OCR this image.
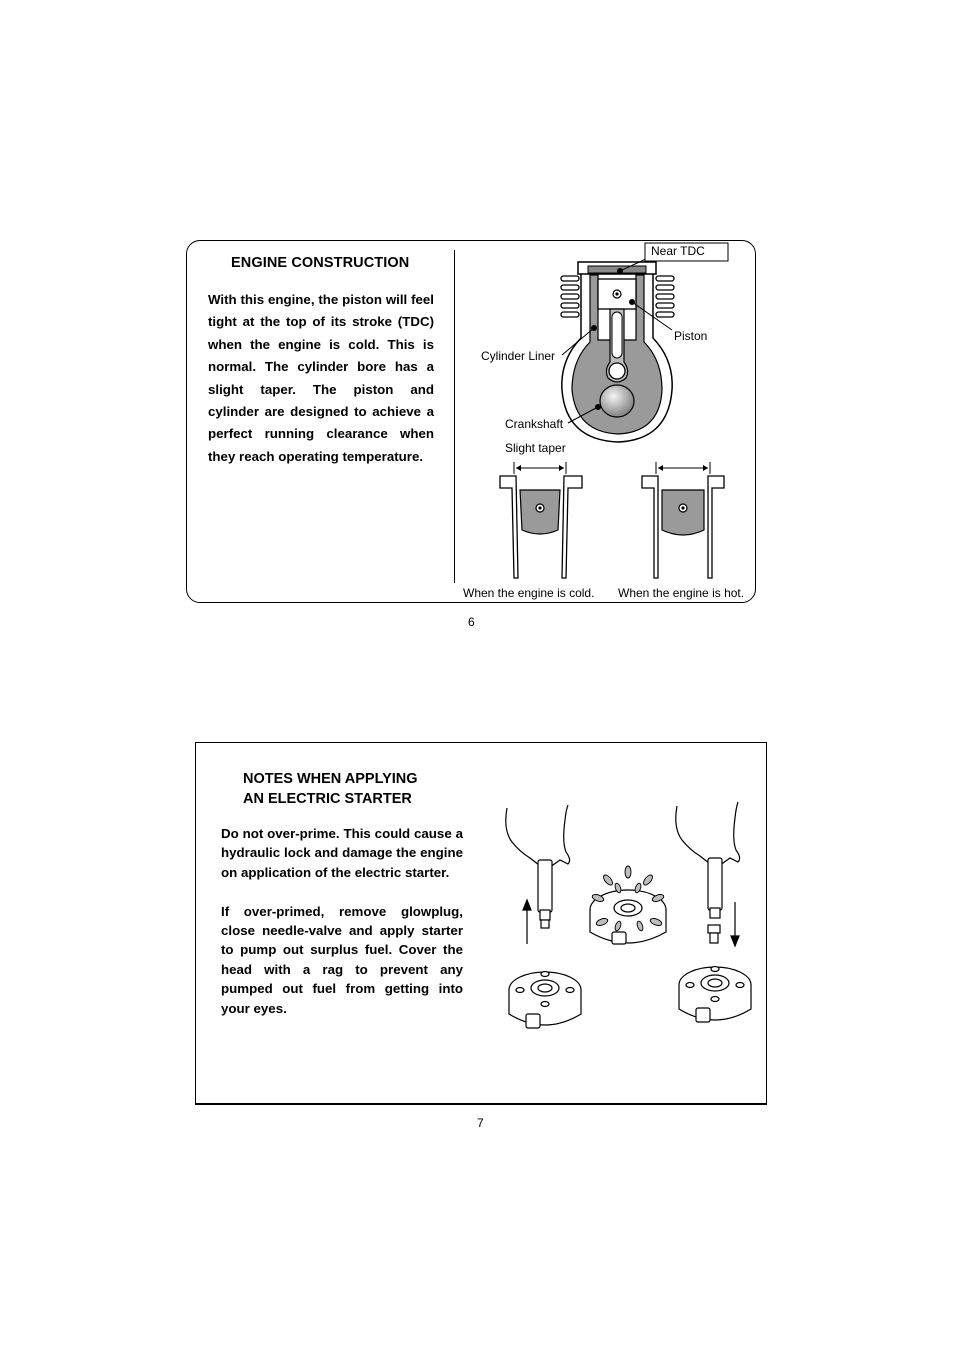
ENGINE CONSTRUCTION
With this engine, the piston will feel tight at the top of its stroke (TDC) when the engine is cold. This is normal. The cylinder bore has a slight taper. The piston and cylinder are designed to achieve a perfect running clearance when they reach operating temperature.
Near TDC
Piston
Cylinder Liner
Crankshaft
Slight taper
When the engine is cold. When the engine is hot.
6
NOTES WHEN APPLYING
AN ELECTRIC STARTER

Do not over-prime. This could cause a hydraulic lock and damage the engine on application of the electric starter.

If over-primed, remove glowplug, close needle-valve and apply starter to pump out surplus fuel. Cover the head with a rag to prevent any pumped out fuel from getting into your eyes.

7
